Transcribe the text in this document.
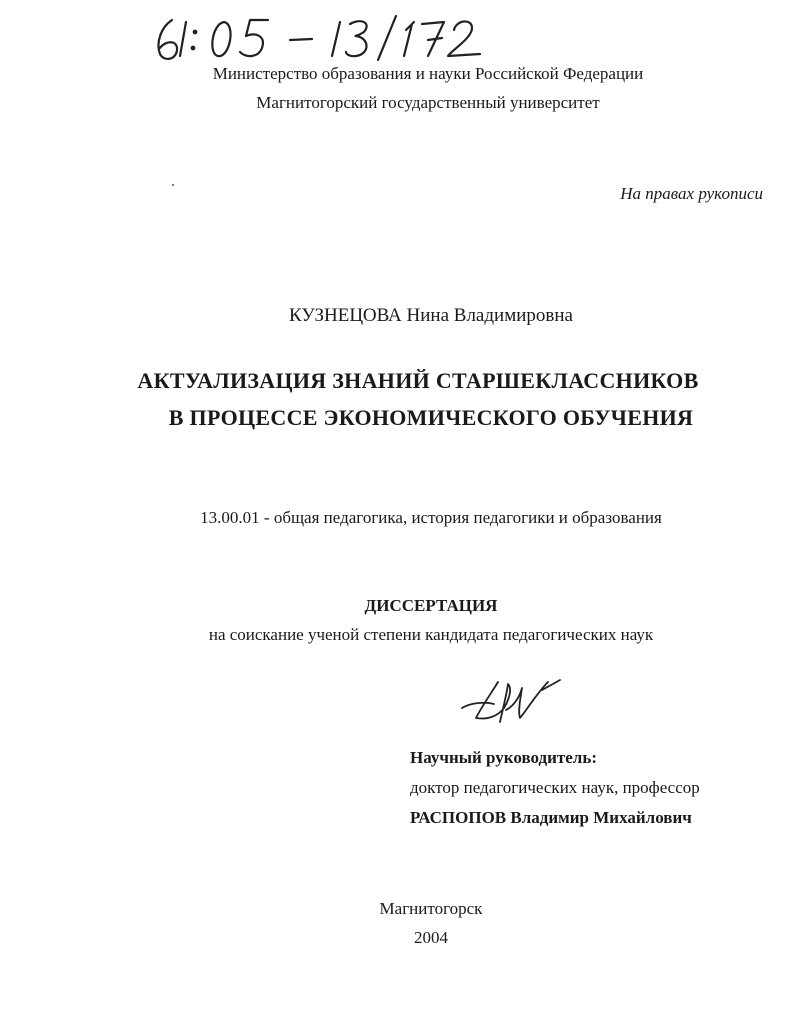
Министерство образования и науки Российской Федерации
Магнитогорский государственный университет
На правах рукописи
КУЗНЕЦОВА Нина Владимировна
АКТУАЛИЗАЦИЯ ЗНАНИЙ СТАРШЕКЛАССНИКОВ
В ПРОЦЕССЕ ЭКОНОМИЧЕСКОГО ОБУЧЕНИЯ
13.00.01 - общая педагогика, история педагогики и образования
ДИССЕРТАЦИЯ
на соискание ученой степени кандидата педагогических наук
Научный руководитель:
доктор педагогических наук, профессор
РАСПОПОВ Владимир Михайлович
Магнитогорск
2004
